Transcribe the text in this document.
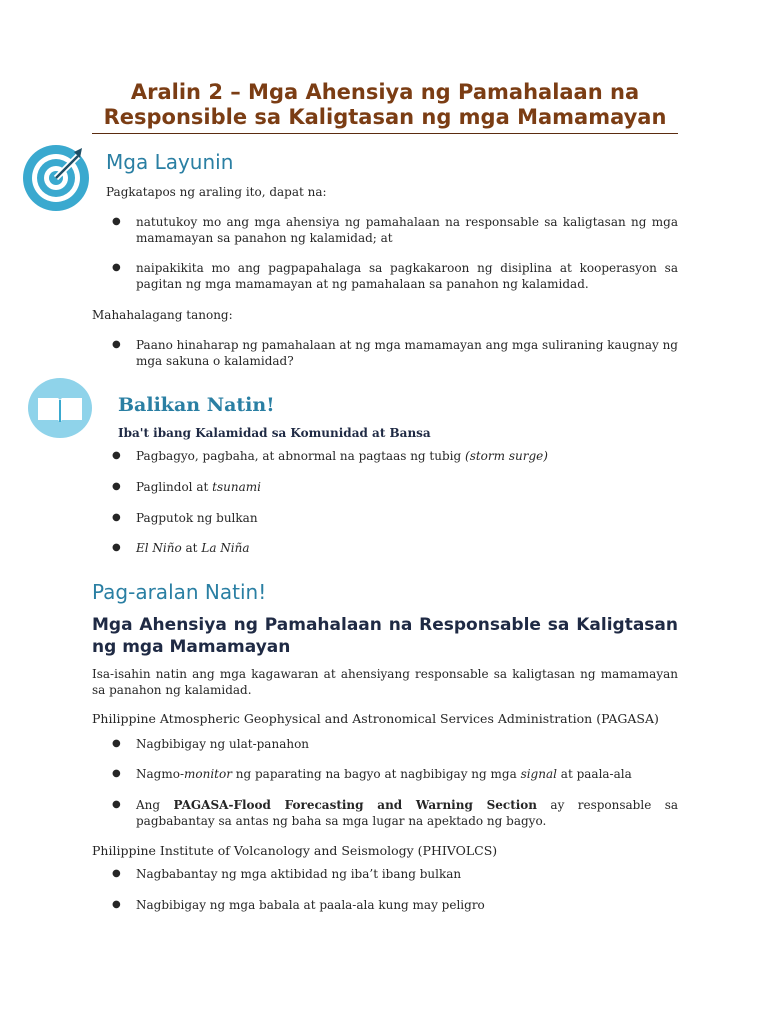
Aralin 2 – Mga Ahensiya ng Pamahalaan na
Responsible sa Kaligtasan ng mga Mamamayan
Mga Layunin
Pagkatapos ng araling ito, dapat na:
● natutukoy mo ang mga ahensiya ng pamahalaan na responsable sa kaligtasan ng mga mamamayan sa panahon ng kalamidad; at
● naipakikita mo ang pagpapahalaga sa pagkakaroon ng disiplina at kooperasyon sa pagitan ng mga mamamayan at ng pamahalaan sa panahon ng kalamidad.
Mahahalagang tanong:
● Paano hinaharap ng pamahalaan at ng mga mamamayan ang mga suliraning kaugnay ng mga sakuna o kalamidad?
Balikan Natin!
Iba't ibang Kalamidad sa Komunidad at Bansa
● Pagbagyo, pagbaha, at abnormal na pagtaas ng tubig (storm surge)
● Paglindol at tsunami
● Pagputok ng bulkan
● El Niño at La Niña
Pag-aralan Natin!
Mga Ahensiya ng Pamahalaan na Responsable sa Kaligtasan ng mga Mamamayan
Isa-isahin natin ang mga kagawaran at ahensiyang responsable sa kaligtasan ng mamamayan sa panahon ng kalamidad.
Philippine Atmospheric Geophysical and Astronomical Services Administration (PAGASA)
● Nagbibigay ng ulat-panahon
● Nagmo-monitor ng paparating na bagyo at nagbibigay ng mga signal at paala-ala
● Ang PAGASA-Flood Forecasting and Warning Section ay responsable sa pagbabantay sa antas ng baha sa mga lugar na apektado ng bagyo.
Philippine Institute of Volcanology and Seismology (PHIVOLCS)
● Nagbabantay ng mga aktibidad ng iba’t ibang bulkan
● Nagbibigay ng mga babala at paala-ala kung may peligro
